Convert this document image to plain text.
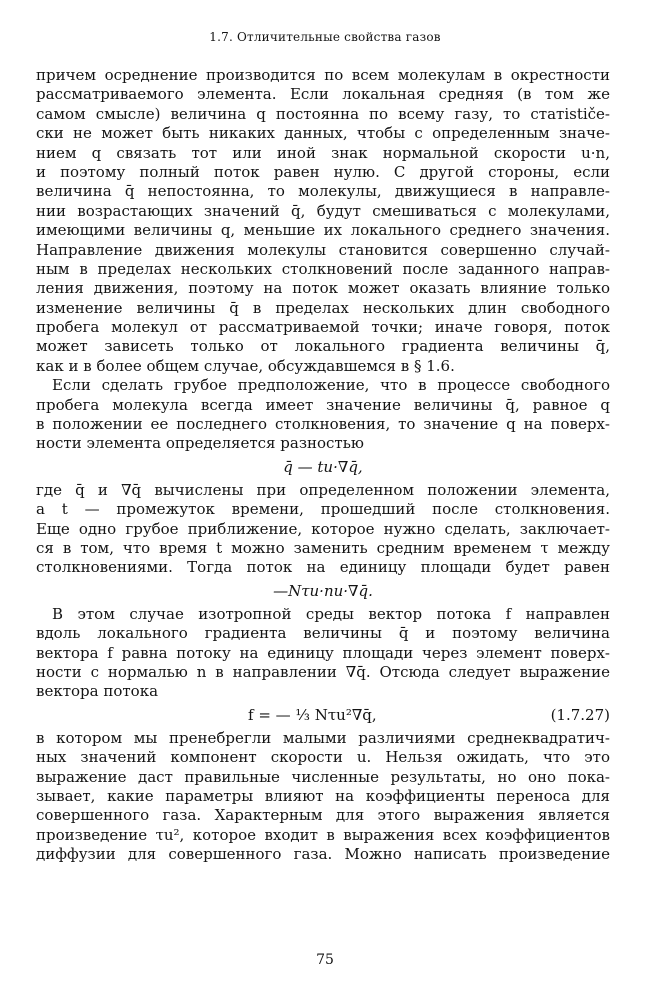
1.7. Отличительные свойства газов
причем осреднение производится по всем молекулам в окрестности
рассматриваемого элемента. Если локальная средняя (в том же
самом смысле) величина q постоянна по всему газу, то статističе-
ски не может быть никаких данных, чтобы с определенным значе-
нием q связать тот или иной знак нормальной скорости u·n,
и поэтому полный поток равен нулю. С другой стороны, если
величина q̄ непостоянна, то молекулы, движущиеся в направле-
нии возрастающих значений q̄, будут смешиваться с молекулами,
имеющими величины q, меньшие их локального среднего значения.
Направление движения молекулы становится совершенно случай-
ным в пределах нескольких столкновений после заданного направ-
ления движения, поэтому на поток может оказать влияние только
изменение величины q̄ в пределах нескольких длин свободного
пробега молекул от рассматриваемой точки; иначе говоря, поток
может зависеть только от локального градиента величины q̄,
как и в более общем случае, обсуждавшемся в § 1.6.
Если сделать грубое предположение, что в процессе свободного
пробега молекула всегда имеет значение величины q̄, равное q
в положении ее последнего столкновения, то значение q на поверх-
ности элемента определяется разностью
q̄ — tu·∇q̄,
где q̄ и ∇q̄ вычислены при определенном положении элемента,
а t — промежуток времени, прошедший после столкновения.
Еще одно грубое приближение, которое нужно сделать, заключает-
ся в том, что время t можно заменить средним временем τ между
столкновениями. Тогда поток на единицу площади будет равен
—Nτu·nu·∇q̄.
В этом случае изотропной среды вектор потока f направлен
вдоль локального градиента величины q̄ и поэтому величина
вектора f равна потоку на единицу площади через элемент поверх-
ности с нормалью n в направлении ∇q̄. Отсюда следует выражение
вектора потока
f = — ⅓ Nτu²∇q̄,	(1.7.27)
в котором мы пренебрегли малыми различиями среднеквадратич-
ных значений компонент скорости u. Нельзя ожидать, что это
выражение даст правильные численные результаты, но оно пока-
зывает, какие параметры влияют на коэффициенты переноса для
совершенного газа. Характерным для этого выражения является
произведение τu², которое входит в выражения всех коэффициентов
диффузии для совершенного газа. Можно написать произведение
75
